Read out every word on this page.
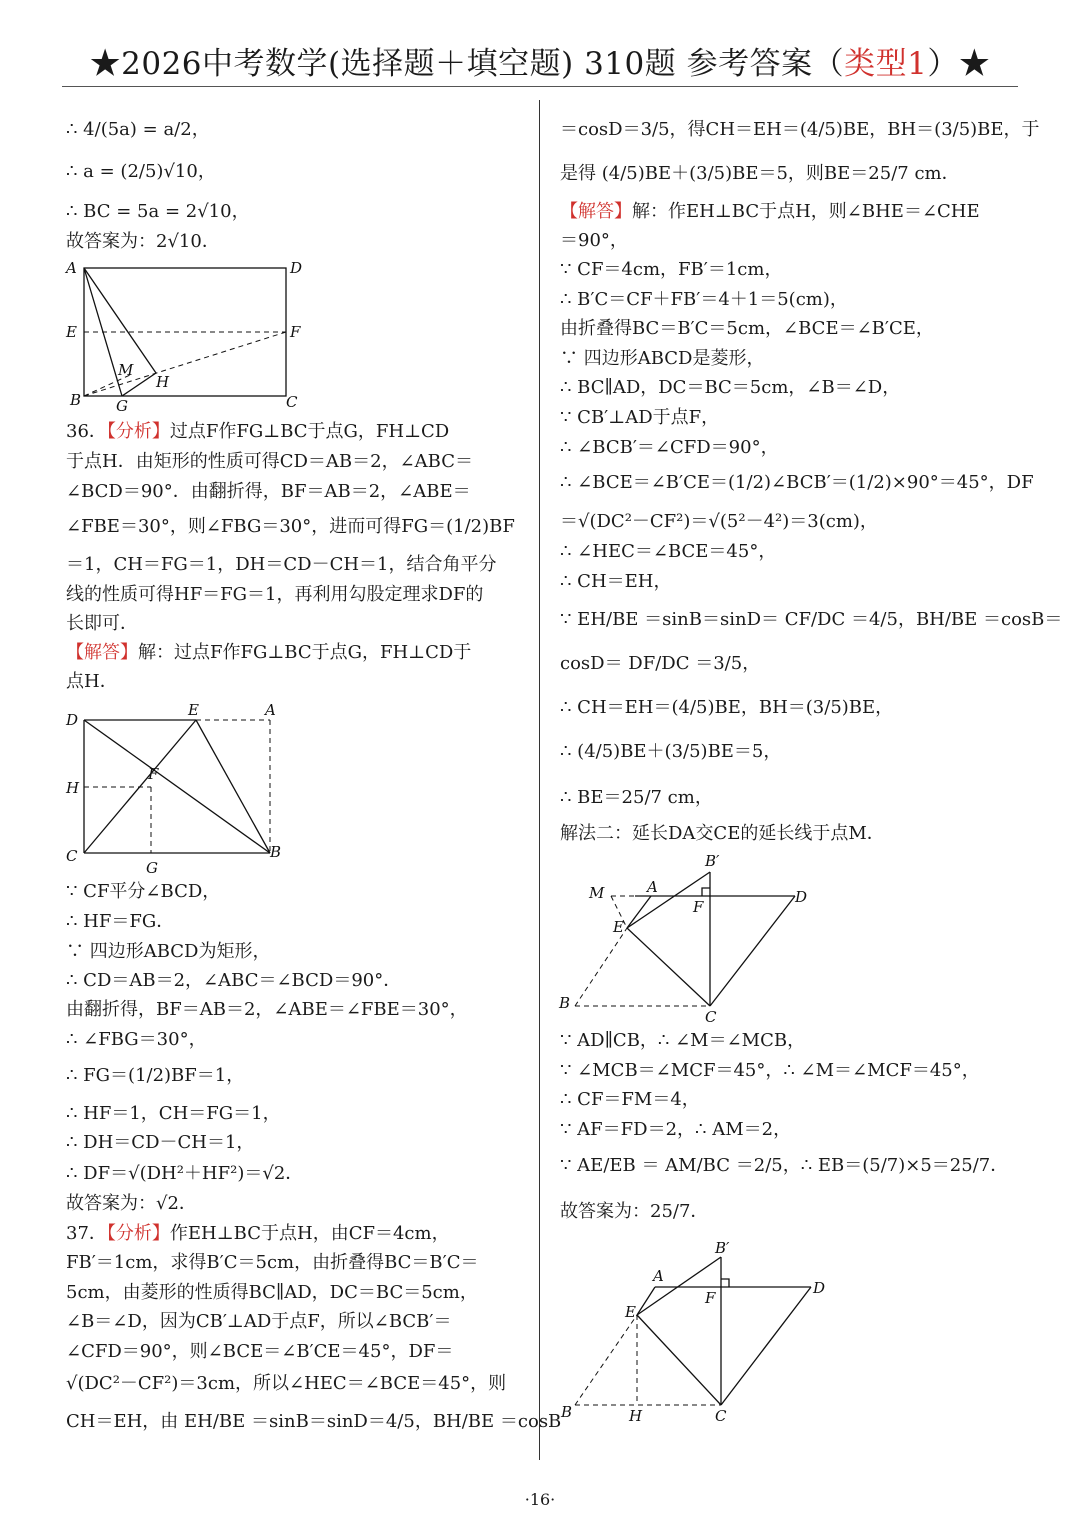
★2026中考数学(选择题＋填空题) 310题 参考答案（类型1）★
∴ 4/(5a) = a/2，
∴ a = (2/5)√10，
∴ BC = 5a = 2√10，
故答案为：2√10．
36．【分析】过点F作FG⊥BC于点G，FH⊥CD
于点H．由矩形的性质可得CD＝AB＝2，∠ABC＝
∠BCD＝90°．由翻折得，BF＝AB＝2，∠ABE＝
∠FBE＝30°，则∠FBG＝30°，进而可得FG＝(1/2)BF
＝1，CH＝FG＝1，DH＝CD－CH＝1，结合角平分
线的性质可得HF＝FG＝1，再利用勾股定理求DF的
长即可．
【解答】解：过点F作FG⊥BC于点G，FH⊥CD于
点H．
∵ CF平分∠BCD，
∴ HF＝FG．
∵ 四边形ABCD为矩形，
∴ CD＝AB＝2，∠ABC＝∠BCD＝90°．
由翻折得，BF＝AB＝2，∠ABE＝∠FBE＝30°，
∴ ∠FBG＝30°，
∴ FG＝(1/2)BF＝1，
∴ HF＝1，CH＝FG＝1，
∴ DH＝CD－CH＝1，
∴ DF＝√(DH²＋HF²)＝√2．
故答案为：√2．
37．【分析】作EH⊥BC于点H，由CF＝4cm，
FB′＝1cm，求得B′C＝5cm，由折叠得BC＝B′C＝
5cm，由菱形的性质得BC∥AD，DC＝BC＝5cm，
∠B＝∠D，因为CB′⊥AD于点F，所以∠BCB′＝
∠CFD＝90°，则∠BCE＝∠B′CE＝45°，DF＝
√(DC²－CF²)＝3cm，所以∠HEC＝∠BCE＝45°，则
CH＝EH，由 EH/BE ＝sinB＝sinD＝4/5，BH/BE ＝cosB
＝cosD＝3/5，得CH＝EH＝(4/5)BE，BH＝(3/5)BE，于
是得 (4/5)BE＋(3/5)BE＝5，则BE＝25/7 cm．
【解答】解：作EH⊥BC于点H，则∠BHE＝∠CHE
＝90°，
∵ CF＝4cm，FB′＝1cm，
∴ B′C＝CF＋FB′＝4＋1＝5(cm)，
由折叠得BC＝B′C＝5cm，∠BCE＝∠B′CE，
∵ 四边形ABCD是菱形，
∴ BC∥AD，DC＝BC＝5cm，∠B＝∠D，
∵ CB′⊥AD于点F，
∴ ∠BCB′＝∠CFD＝90°，
∴ ∠BCE＝∠B′CE＝(1/2)∠BCB′＝(1/2)×90°＝45°，DF
＝√(DC²－CF²)＝√(5²－4²)＝3(cm)，
∴ ∠HEC＝∠BCE＝45°，
∴ CH＝EH，
∵ EH/BE ＝sinB＝sinD＝ CF/DC ＝4/5，BH/BE ＝cosB＝
cosD＝ DF/DC ＝3/5，
∴ CH＝EH＝(4/5)BE，BH＝(3/5)BE，
∴ (4/5)BE＋(3/5)BE＝5，
∴ BE＝25/7 cm，
解法二：延长DA交CE的延长线于点M．
∵ AD∥CB，∴ ∠M＝∠MCB，
∵ ∠MCB＝∠MCF＝45°，∴ ∠M＝∠MCF＝45°，
∴ CF＝FM＝4，
∵ AF＝FD＝2，∴ AM＝2，
∵ AE/EB ＝ AM/BC ＝2/5，∴ EB＝(5/7)×5＝25/7．
故答案为：25/7．
A	D
E	F
M
H
B G	C
D
E	A
F
H
C
G
B	B′
M	A
D
F
E
B
C
B′
A
D
F
E
B	H	C
·16·
